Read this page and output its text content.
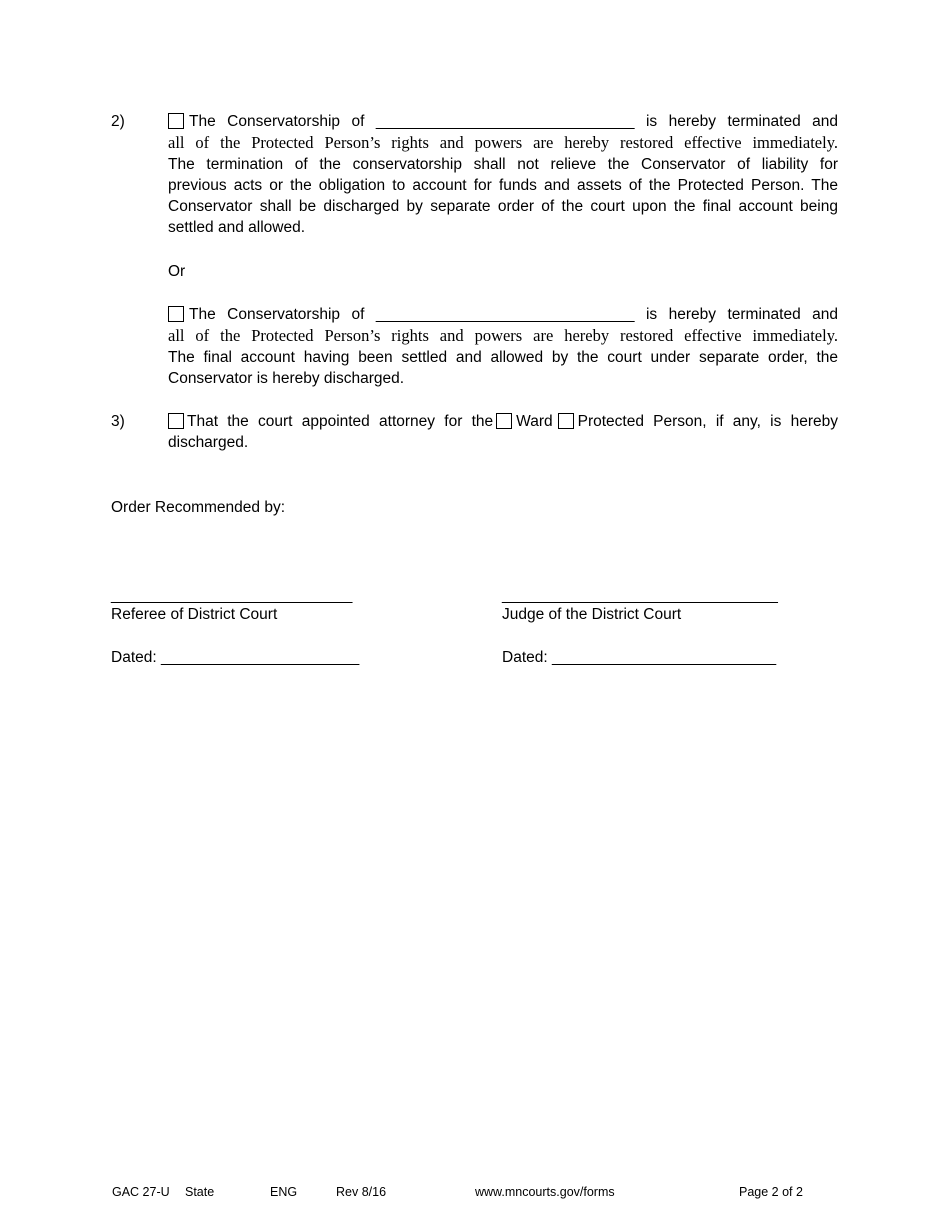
2)	The Conservatorship of ______________________________ is hereby terminated and
all of the Protected Person’s rights and powers are hereby restored effective immediately.
The termination of the conservatorship shall not relieve the Conservator of liability for
previous acts or the obligation to account for funds and assets of the Protected Person. The
Conservator shall be discharged by separate order of the court upon the final account being
settled and allowed.
Or
The Conservatorship of ______________________________ is hereby terminated and
all of the Protected Person’s rights and powers are hereby restored effective immediately.
The final account having been settled and allowed by the court under separate order, the
Conservator is hereby discharged.
3)	That the court appointed attorney for the Ward Protected Person, if any, is hereby
discharged.
Order Recommended by:
____________________________
Referee of District Court
Dated: _______________________
________________________________
Judge of the District Court
Dated: __________________________
GAC 27-U State	ENG	Rev 8/16	www.mncourts.gov/forms	Page 2 of 2
